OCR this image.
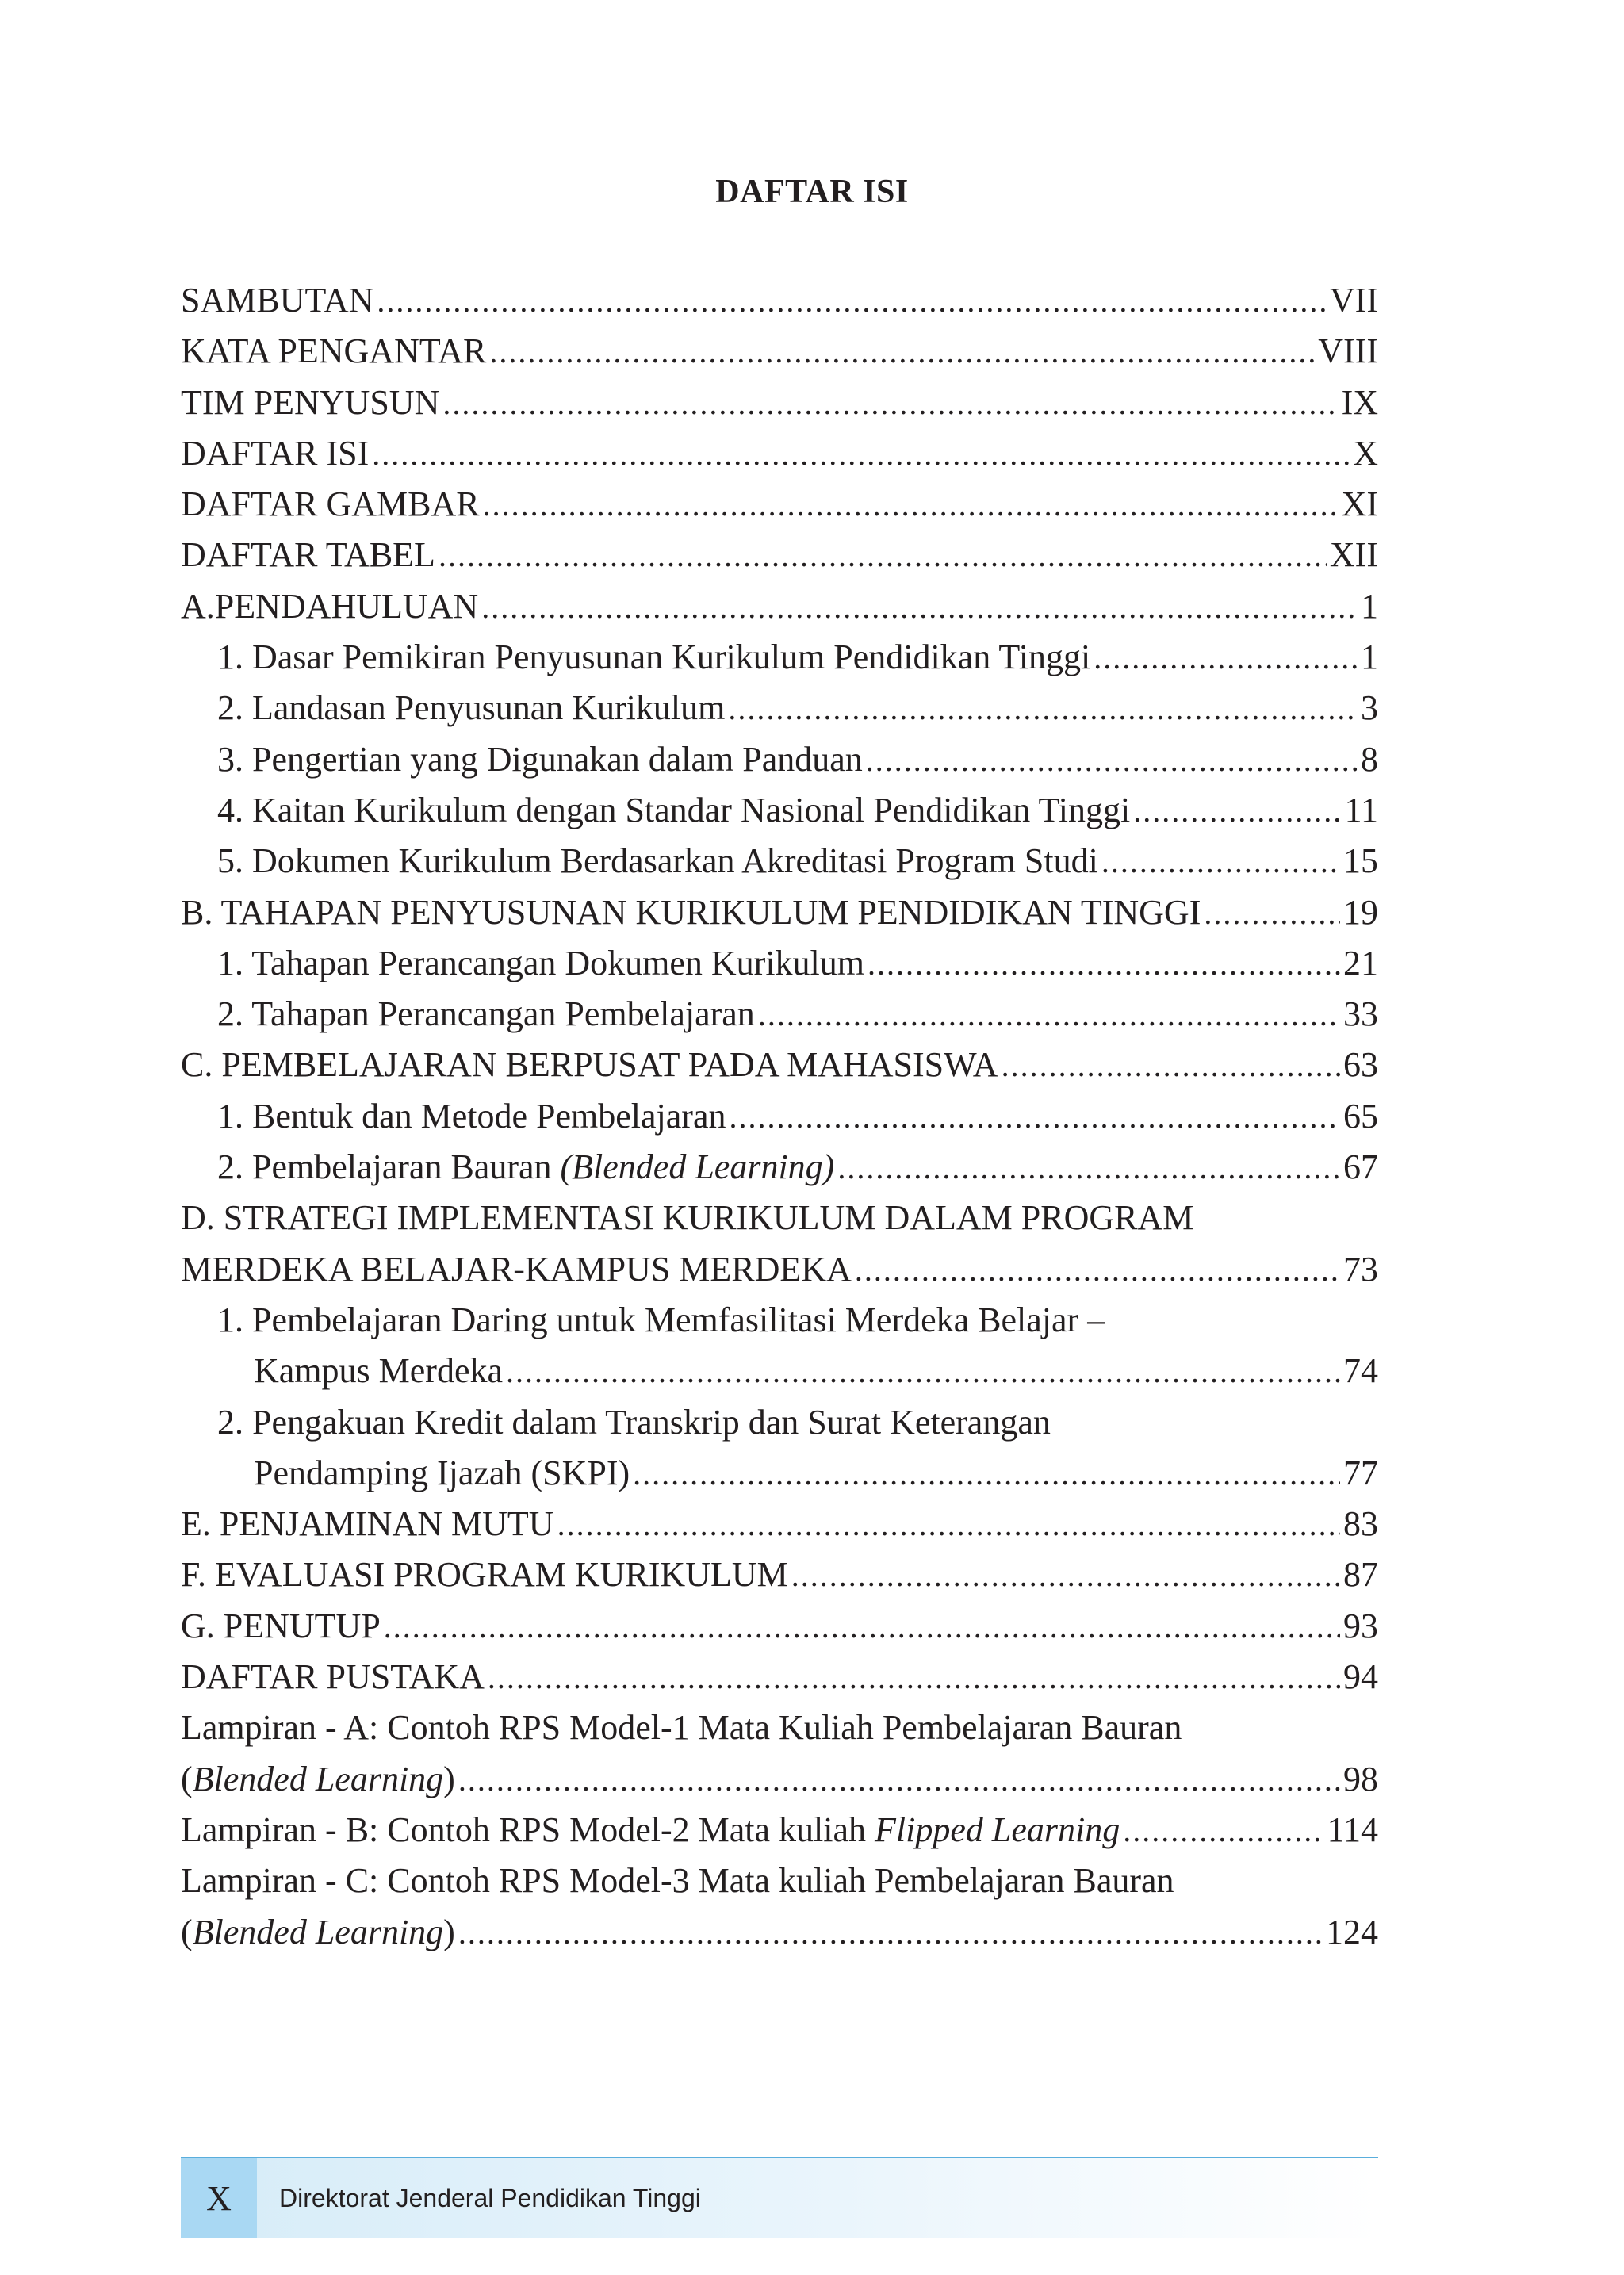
DAFTAR ISI
SAMBUTAN .....	VII
KATA PENGANTAR .....	VIII
TIM PENYUSUN .....	IX
DAFTAR ISI .....	X
DAFTAR GAMBAR .....	XI
DAFTAR TABEL .....	XII
A.PENDAHULUAN .....	1
1. Dasar Pemikiran Penyusunan Kurikulum Pendidikan Tinggi .....	1
2. Landasan Penyusunan Kurikulum .....	3
3. Pengertian yang Digunakan dalam Panduan .....	8
4. Kaitan Kurikulum dengan Standar Nasional Pendidikan Tinggi .....	11
5. Dokumen Kurikulum Berdasarkan Akreditasi Program Studi .....	15
B. TAHAPAN PENYUSUNAN KURIKULUM PENDIDIKAN TINGGI .....	19
1. Tahapan Perancangan Dokumen Kurikulum .....	21
2. Tahapan Perancangan Pembelajaran .....	33
C. PEMBELAJARAN BERPUSAT PADA MAHASISWA .....	63
1. Bentuk dan Metode Pembelajaran .....	65
2. Pembelajaran Bauran (Blended Learning) .....	67
D. STRATEGI IMPLEMENTASI KURIKULUM DALAM PROGRAM
MERDEKA BELAJAR-KAMPUS MERDEKA .....	73
1. Pembelajaran Daring untuk Memfasilitasi Merdeka Belajar –
Kampus Merdeka .....	74
2. Pengakuan Kredit dalam Transkrip dan Surat Keterangan
Pendamping Ijazah (SKPI) .....	77
E. PENJAMINAN MUTU .....	83
F. EVALUASI PROGRAM KURIKULUM .....	87
G. PENUTUP .....	93
DAFTAR PUSTAKA .....	94
Lampiran - A: Contoh RPS Model-1 Mata Kuliah Pembelajaran Bauran
(Blended Learning) .....	98
Lampiran - B: Contoh RPS Model-2 Mata kuliah Flipped Learning .....	114
Lampiran - C: Contoh RPS Model-3 Mata kuliah Pembelajaran Bauran
(Blended Learning) .....	124
X	Direktorat Jenderal Pendidikan Tinggi
